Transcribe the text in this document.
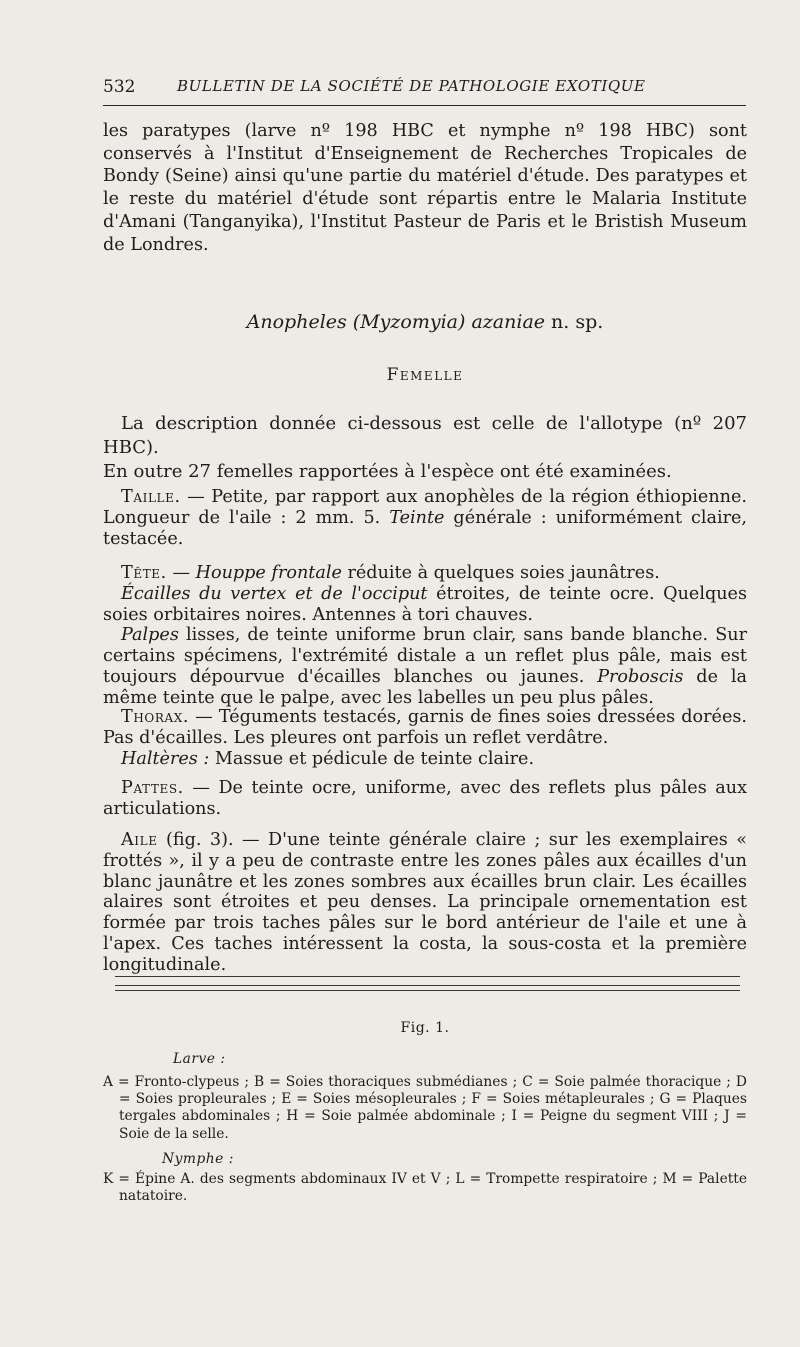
532	BULLETIN DE LA SOCIÉTÉ DE PATHOLOGIE EXOTIQUE

les paratypes (larve nº 198 HBC et nymphe nº 198 HBC) sont conservés à l'Institut d'Enseignement de Recherches Tropicales de Bondy (Seine) ainsi qu'une partie du matériel d'étude. Des paratypes et le reste du matériel d'étude sont répartis entre le Malaria Institute d'Amani (Tanganyika), l'Institut Pasteur de Paris et le Bristish Museum de Londres.

Anopheles (Myzomyia) azaniae n. sp.
Femelle

La description donnée ci-dessous est celle de l'allotype (nº 207 HBC).

En outre 27 femelles rapportées à l'espèce ont été examinées.

Taille. — Petite, par rapport aux anophèles de la région éthiopienne. Longueur de l'aile : 2 mm. 5. Teinte générale : uniformément claire, testacée.

Tête. — Houppe frontale réduite à quelques soies jaunâtres.

Écailles du vertex et de l'occiput étroites, de teinte ocre. Quelques soies orbitaires noires. Antennes à tori chauves.

Palpes lisses, de teinte uniforme brun clair, sans bande blanche. Sur certains spécimens, l'extrémité distale a un reflet plus pâle, mais est toujours dépourvue d'écailles blanches ou jaunes. Proboscis de la même teinte que le palpe, avec les labelles un peu plus pâles.

Thorax. — Téguments testacés, garnis de fines soies dressées dorées. Pas d'écailles. Les pleures ont parfois un reflet verdâtre.

Haltères : Massue et pédicule de teinte claire.

Pattes. — De teinte ocre, uniforme, avec des reflets plus pâles aux articulations.

Aile (fig. 3). — D'une teinte générale claire ; sur les exemplaires « frottés », il y a peu de contraste entre les zones pâles aux écailles d'un blanc jaunâtre et les zones sombres aux écailles brun clair. Les écailles alaires sont étroites et peu denses. La principale ornementation est formée par trois taches pâles sur le bord antérieur de l'aile et une à l'apex. Ces taches intéressent la costa, la sous-costa et la première longitudinale.

Fig. 1.
Larve :

A = Fronto-clypeus ; B = Soies thoraciques submédianes ; C = Soie palmée thoracique ; D = Soies propleurales ; E = Soies mésopleurales ; F = Soies métapleurales ; G = Plaques tergales abdominales ; H = Soie palmée abdominale ; I = Peigne du segment VIII ; J = Soie de la selle.

Nymphe :

K = Épine A. des segments abdominaux IV et V ; L = Trompette respiratoire ; M = Palette natatoire.
